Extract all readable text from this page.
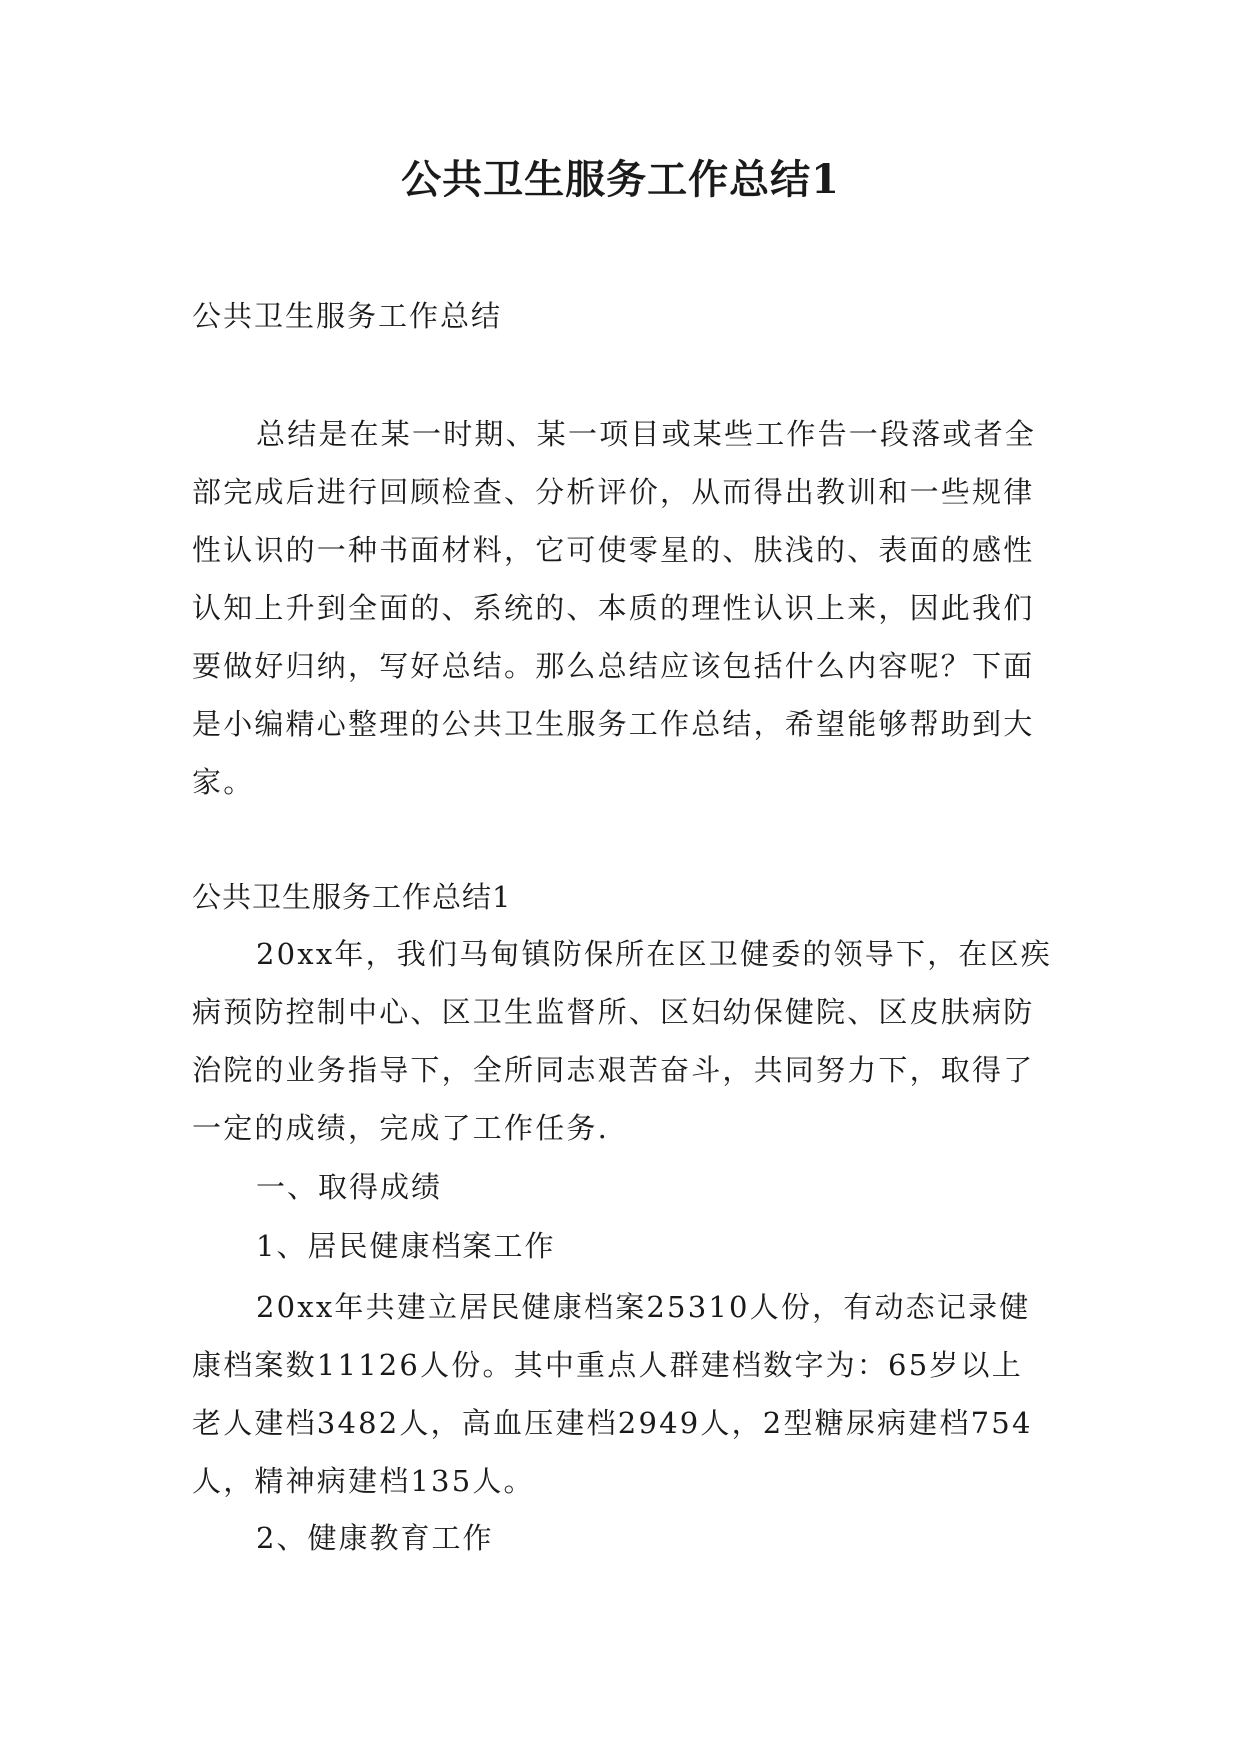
公共卫生服务工作总结1
公共卫生服务工作总结

总结是在某一时期、某一项目或某些工作告一段落或者全部完成后进行回顾检查、分析评价，从而得出教训和一些规律性认识的一种书面材料，它可使零星的、肤浅的、表面的感性认知上升到全面的、系统的、本质的理性认识上来，因此我们要做好归纳，写好总结。那么总结应该包括什么内容呢？下面是小编精心整理的公共卫生服务工作总结，希望能够帮助到大家。

公共卫生服务工作总结1

20xx年，我们马甸镇防保所在区卫健委的领导下，在区疾病预防控制中心、区卫生监督所、区妇幼保健院、区皮肤病防治院的业务指导下，全所同志艰苦奋斗，共同努力下，取得了一定的成绩，完成了工作任务.

一、取得成绩
1、居民健康档案工作

20xx年共建立居民健康档案25310人份，有动态记录健康档案数11126人份。其中重点人群建档数字为：65岁以上老人建档3482人，高血压建档2949人，2型糖尿病建档754人，精神病建档135人。

2、健康教育工作
